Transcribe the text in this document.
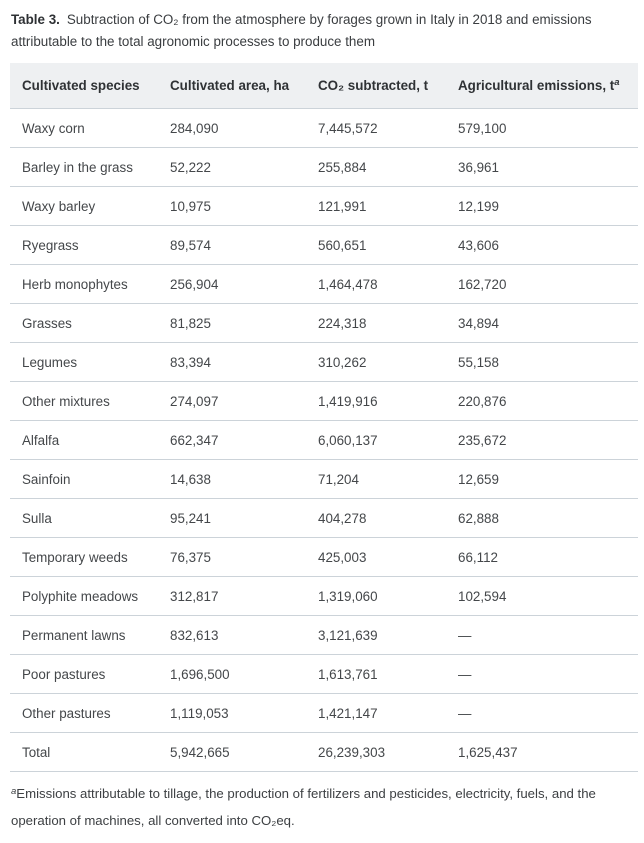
Table 3. Subtraction of CO₂ from the atmosphere by forages grown in Italy in 2018 and emissions attributable to the total agronomic processes to produce them

Cultivated species	Cultivated area, ha	CO₂ subtracted, t	Agricultural emissions, $t^a$
Waxy corn	284,090	7,445,572	579,100
Barley in the grass	52,222	255,884	36,961
Waxy barley	10,975	121,991	12,199
Ryegrass	89,574	560,651	43,606
Herb monophytes	256,904	1,464,478	162,720
Grasses	81,825	224,318	34,894
Legumes	83,394	310,262	55,158
Other mixtures	274,097	1,419,916	220,876
Alfalfa	662,347	6,060,137	235,672
Sainfoin	14,638	71,204	12,659
Sulla	95,241	404,278	62,888
Temporary weeds	76,375	425,003	66,112
Polyphite meadows	312,817	1,319,060	102,594
Permanent lawns	832,613	3,121,639	—
Poor pastures	1,696,500	1,613,761	—
Other pastures	1,119,053	1,421,147	—
Total	5,942,665	26,239,303	1,625,437

$^a$Emissions attributable to tillage, the production of fertilizers and pesticides, electricity, fuels, and the operation of machines, all converted into CO₂eq.
